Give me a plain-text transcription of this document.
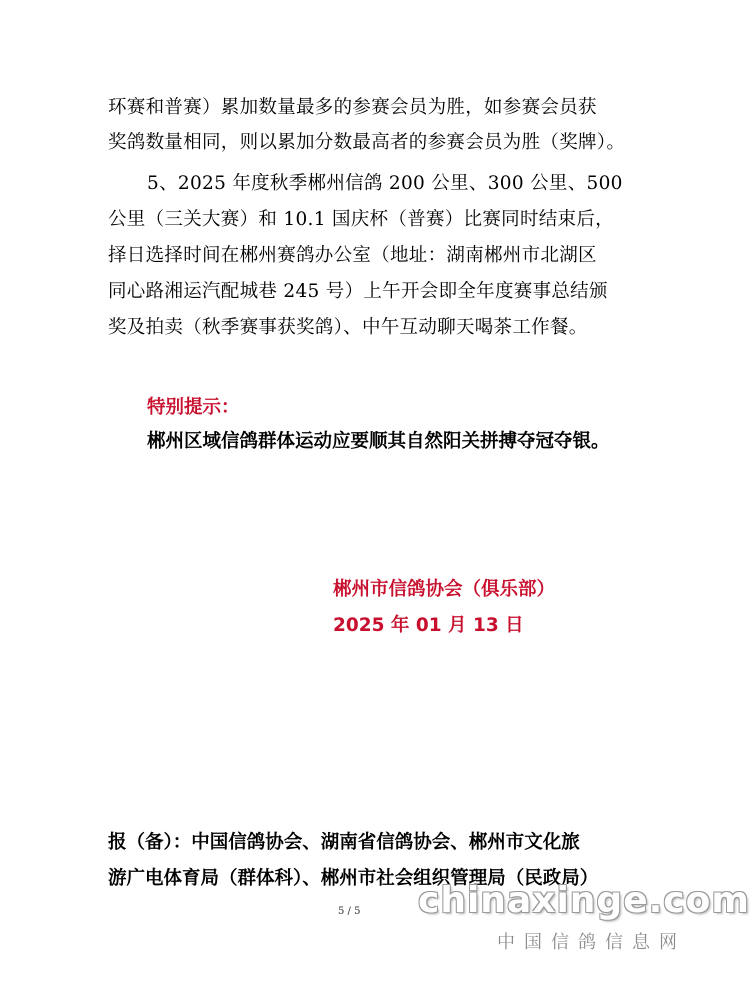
环赛和普赛）累加数量最多的参赛会员为胜，如参赛会员获
奖鸽数量相同，则以累加分数最高者的参赛会员为胜（奖牌）。
5、2025 年度秋季郴州信鸽 200 公里、300 公里、500
公里（三关大赛）和 10.1 国庆杯（普赛）比赛同时结束后，
择日选择时间在郴州赛鸽办公室（地址：湖南郴州市北湖区
同心路湘运汽配城巷 245 号）上午开会即全年度赛事总结颁
奖及拍卖（秋季赛事获奖鸽）、中午互动聊天喝茶工作餐。
特别提示：
郴州区域信鸽群体运动应要顺其自然阳关拼搏夺冠夺银。
郴州市信鸽协会（俱乐部）
2025 年 01 月 13 日
报（备）：中国信鸽协会、湖南省信鸽协会、郴州市文化旅
游广电体育局（群体科）、郴州市社会组织管理局（民政局）
5 / 5 chinaxinge.com
中国信鸽信息网
